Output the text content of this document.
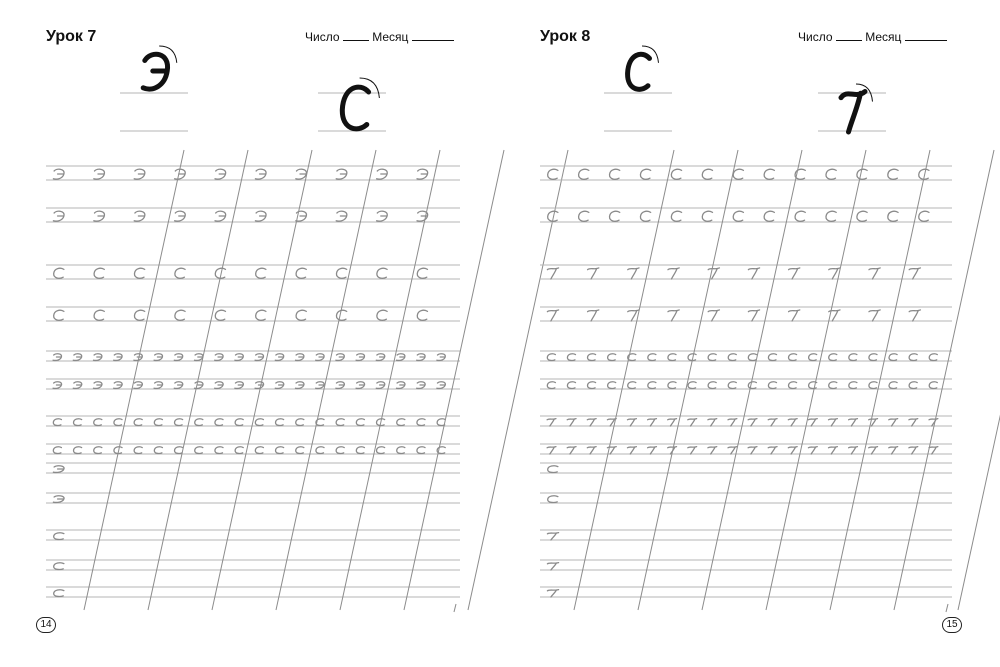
Урок 7	Число	Месяц
14
Урок 8	Число	Месяц
15
